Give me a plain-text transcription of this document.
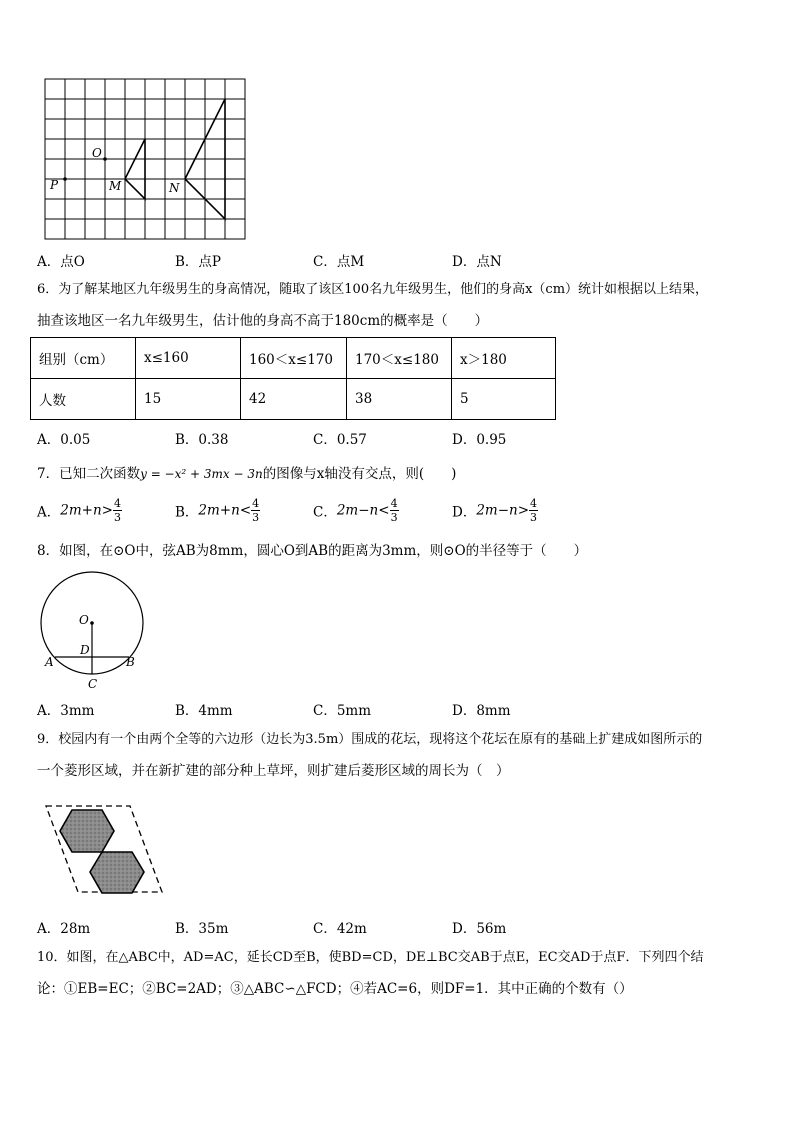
O
P	M	N
A．点O	B．点P	C．点M	D．点N
6．为了解某地区九年级男生的身高情况，随取了该区100名九年级男生，他们的身高x（cm）统计如根据以上结果，
抽查该地区一名九年级男生，估计他的身高不高于180cm的概率是（　　）
组别（cm）	x≤160	160＜x≤170	170＜x≤180	x＞180
人数	15	42	38	5
A．0.05	B．0.38	C．0.57	D．0.95
7．已知二次函数y = −x² + 3mx − 3n的图像与x轴没有交点，则(　　)
A．$2m+n> \frac{4}{3}$	B．$2m+n< \frac{4}{3}$	C．$2m-n< \frac{4}{3}$	D．$2m-n> \frac{4}{3}$
8．如图，在⊙O中，弦AB为8mm，圆心O到AB的距离为3mm，则⊙O的半径等于（　　）
O
D
A	B
C
A．3mm	B．4mm	C．5mm	D．8mm
9．校园内有一个由两个全等的六边形（边长为3.5m）围成的花坛，现将这个花坛在原有的基础上扩建成如图所示的
一个菱形区域，并在新扩建的部分种上草坪，则扩建后菱形区域的周长为（　）
A．28m	B．35m	C．42m	D．56m
10．如图，在△ABC中，AD=AC，延长CD至B，使BD=CD，DE⊥BC交AB于点E，EC交AD于点F．下列四个结
论：①EB=EC；②BC=2AD；③△ABC∽△FCD；④若AC=6，则DF=1．其中正确的个数有（）
